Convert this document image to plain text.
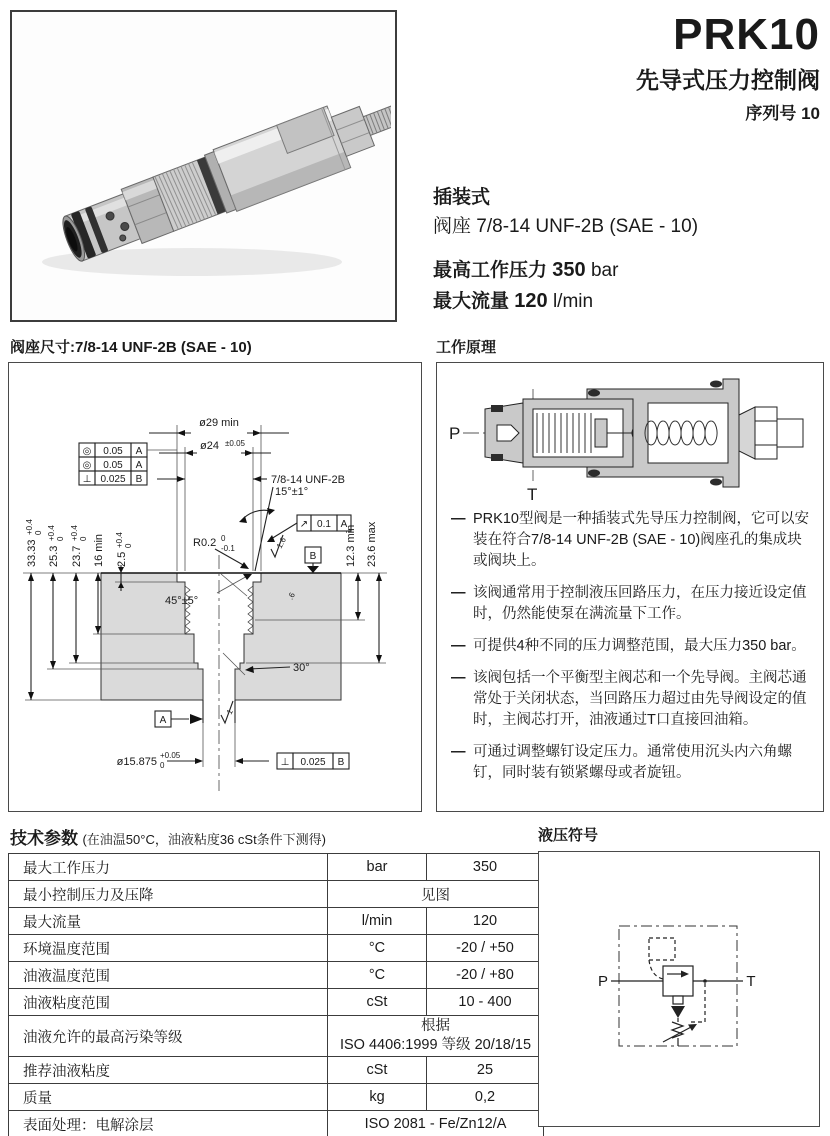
PRK10
先导式压力控制阀
序列号 10
插装式
阀座 7/8-14 UNF-2B (SAE - 10)
最高工作压力 350 bar
最大流量 120 l/min
阀座尺寸:7/8-14 UNF-2B (SAE - 10)
ø29 min
ø24 ±0.05
7/8-14 UNF-2B
15°±1°
◎ 0.05 A
◎ 0.05 A
⊥ 0.025 B
R0.2 0
-0.1
↗ 0.1 A
1.6
B	12.3 min 23.6 max
45°±5°
30°
A
1.6
ø15.875
+0.05
0	⊥ 0.025 B
33.33
+0.4 0
25.3
+0.4 0
23.7
+0.4 0 16 min 2.5
+0.4 0
工作原理
P
T
— PRK10型阀是一种插装式先导压力控制阀，它可以安装在符合7/8-14 UNF-2B (SAE - 10)阀座孔的集成块或阀块上。
— 该阀通常用于控制液压回路压力，在压力接近设定值时，仍然能使泵在满流量下工作。
— 可提供4种不同的压力调整范围，最大压力350 bar。
— 该阀包括一个平衡型主阀芯和一个先导阀。主阀芯通常处于关闭状态，当回路压力超过由先导阀设定的值时，主阀芯打开，油液通过T口直接回油箱。
— 可通过调整螺钉设定压力。通常使用沉头内六角螺钉，同时装有锁紧螺母或者旋钮。
技术参数 (在油温50°C，油液粘度36 cSt条件下测得)
最大工作压力	bar	350
最小控制压力及压降	见图	
最大流量	l/min	120
环境温度范围	°C	-20 / +50
油液温度范围	°C	-20 / +80
油液粘度范围	cSt	10 - 400
油液允许的最高污染等级	根据
ISO 4406:1999 等级 20/18/15	

推荐油液粘度	cSt	25
质量	kg	0,2
表面处理：电解涂层	ISO 2081 - Fe/Zn12/A	
液压符号
P	T
